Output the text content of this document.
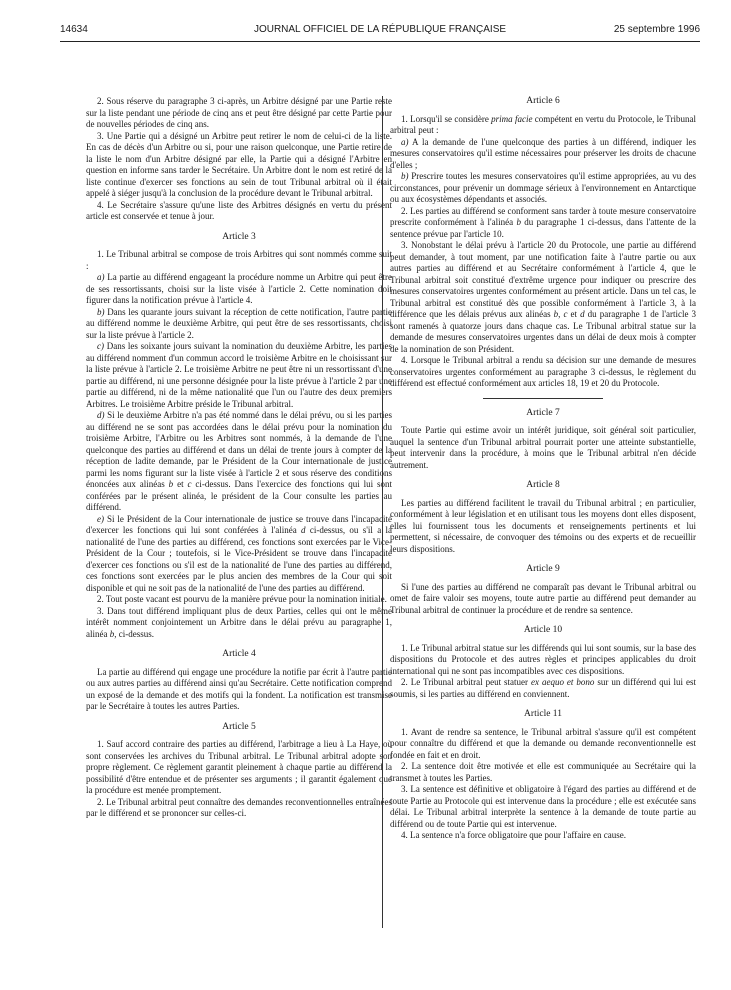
14634	JOURNAL OFFICIEL DE LA RÉPUBLIQUE FRANÇAISE	25 septembre 1996

2. Sous réserve du paragraphe 3 ci-après, un Arbitre désigné par une Partie reste sur la liste pendant une période de cinq ans et peut être désigné par cette Partie pour de nouvelles périodes de cinq ans.

3. Une Partie qui a désigné un Arbitre peut retirer le nom de celui-ci de la liste. En cas de décès d'un Arbitre ou si, pour une raison quelconque, une Partie retire de la liste le nom d'un Arbitre désigné par elle, la Partie qui a désigné l'Arbitre en question en informe sans tarder le Secrétaire. Un Arbitre dont le nom est retiré de la liste continue d'exercer ses fonctions au sein de tout Tribunal arbitral où il était appelé à siéger jusqu'à la conclusion de la procédure devant le Tribunal arbitral.

4. Le Secrétaire s'assure qu'une liste des Arbitres désignés en vertu du présent article est conservée et tenue à jour.

Article 3

1. Le Tribunal arbitral se compose de trois Arbitres qui sont nommés comme suit :

a) La partie au différend engageant la procédure nomme un Arbitre qui peut être de ses ressortissants, choisi sur la liste visée à l'article 2. Cette nomination doit figurer dans la notification prévue à l'article 4.

b) Dans les quarante jours suivant la réception de cette notification, l'autre partie au différend nomme le deuxième Arbitre, qui peut être de ses ressortissants, choisi sur la liste prévue à l'article 2.

c) Dans les soixante jours suivant la nomination du deuxième Arbitre, les parties au différend nomment d'un commun accord le troisième Arbitre en le choisissant sur la liste prévue à l'article 2. Le troisième Arbitre ne peut être ni un ressortissant d'une partie au différend, ni une personne désignée pour la liste prévue à l'article 2 par une partie au différend, ni de la même nationalité que l'un ou l'autre des deux premiers Arbitres. Le troisième Arbitre préside le Tribunal arbitral.

d) Si le deuxième Arbitre n'a pas été nommé dans le délai prévu, ou si les parties au différend ne se sont pas accordées dans le délai prévu pour la nomination du troisième Arbitre, l'Arbitre ou les Arbitres sont nommés, à la demande de l'une quelconque des parties au différend et dans un délai de trente jours à compter de la réception de ladite demande, par le Président de la Cour internationale de justice parmi les noms figurant sur la liste visée à l'article 2 et sous réserve des conditions énoncées aux alinéas b et c ci-dessus. Dans l'exercice des fonctions qui lui sont conférées par le présent alinéa, le président de la Cour consulte les parties au différend.

e) Si le Président de la Cour internationale de justice se trouve dans l'incapacité d'exercer les fonctions qui lui sont conférées à l'alinéa d ci-dessus, ou s'il a la nationalité de l'une des parties au différend, ces fonctions sont exercées par le Vice-Président de la Cour ; toutefois, si le Vice-Président se trouve dans l'incapacité d'exercer ces fonctions ou s'il est de la nationalité de l'une des parties au différend, ces fonctions sont exercées par le plus ancien des membres de la Cour qui soit disponible et qui ne soit pas de la nationalité de l'une des parties au différend.

2. Tout poste vacant est pourvu de la manière prévue pour la nomination initiale.

3. Dans tout différend impliquant plus de deux Parties, celles qui ont le même intérêt nomment conjointement un Arbitre dans le délai prévu au paragraphe 1, alinéa b, ci-dessus.

Article 4

La partie au différend qui engage une procédure la notifie par écrit à l'autre partie ou aux autres parties au différend ainsi qu'au Secrétaire. Cette notification comprend un exposé de la demande et des motifs qui la fondent. La notification est transmise par le Secrétaire à toutes les autres Parties.

Article 5

1. Sauf accord contraire des parties au différend, l'arbitrage a lieu à La Haye, où sont conservées les archives du Tribunal arbitral. Le Tribunal arbitral adopte son propre règlement. Ce règlement garantit pleinement à chaque partie au différend la possibilité d'être entendue et de présenter ses arguments ; il garantit également que la procédure est menée promptement.

2. Le Tribunal arbitral peut connaître des demandes reconventionnelles entraînées par le différend et se prononcer sur celles-ci.

Article 6

1. Lorsqu'il se considère prima facie compétent en vertu du Protocole, le Tribunal arbitral peut :

a) A la demande de l'une quelconque des parties à un différend, indiquer les mesures conservatoires qu'il estime nécessaires pour préserver les droits de chacune d'elles ;

b) Prescrire toutes les mesures conservatoires qu'il estime appropriées, au vu des circonstances, pour prévenir un dommage sérieux à l'environnement en Antarctique ou aux écosystèmes dépendants et associés.

2. Les parties au différend se conforment sans tarder à toute mesure conservatoire prescrite conformément à l'alinéa b du paragraphe 1 ci-dessus, dans l'attente de la sentence prévue par l'article 10.

3. Nonobstant le délai prévu à l'article 20 du Protocole, une partie au différend peut demander, à tout moment, par une notification faite à l'autre partie ou aux autres parties au différend et au Secrétaire conformément à l'article 4, que le Tribunal arbitral soit constitué d'extrême urgence pour indiquer ou prescrire des mesures conservatoires urgentes conformément au présent article. Dans un tel cas, le Tribunal arbitral est constitué dès que possible conformément à l'article 3, à la différence que les délais prévus aux alinéas b, c et d du paragraphe 1 de l'article 3 sont ramenés à quatorze jours dans chaque cas. Le Tribunal arbitral statue sur la demande de mesures conservatoires urgentes dans un délai de deux mois à compter de la nomination de son Président.

4. Lorsque le Tribunal arbitral a rendu sa décision sur une demande de mesures conservatoires urgentes conformément au paragraphe 3 ci-dessus, le règlement du différend est effectué conformément aux articles 18, 19 et 20 du Protocole.

Article 7

Toute Partie qui estime avoir un intérêt juridique, soit général soit particulier, auquel la sentence d'un Tribunal arbitral pourrait porter une atteinte substantielle, peut intervenir dans la procédure, à moins que le Tribunal arbitral n'en décide autrement.

Article 8

Les parties au différend facilitent le travail du Tribunal arbitral ; en particulier, conformément à leur législation et en utilisant tous les moyens dont elles disposent, elles lui fournissent tous les documents et renseignements pertinents et lui permettent, si nécessaire, de convoquer des témoins ou des experts et de recueillir leurs dispositions.

Article 9

Si l'une des parties au différend ne comparaît pas devant le Tribunal arbitral ou omet de faire valoir ses moyens, toute autre partie au différend peut demander au Tribunal arbitral de continuer la procédure et de rendre sa sentence.

Article 10

1. Le Tribunal arbitral statue sur les différends qui lui sont soumis, sur la base des dispositions du Protocole et des autres règles et principes applicables du droit international qui ne sont pas incompatibles avec ces dispositions.

2. Le Tribunal arbitral peut statuer ex aequo et bono sur un différend qui lui est soumis, si les parties au différend en conviennent.

Article 11

1. Avant de rendre sa sentence, le Tribunal arbitral s'assure qu'il est compétent pour connaître du différend et que la demande ou demande reconventionnelle est fondée en fait et en droit.

2. La sentence doit être motivée et elle est communiquée au Secrétaire qui la transmet à toutes les Parties.

3. La sentence est définitive et obligatoire à l'égard des parties au différend et de toute Partie au Protocole qui est intervenue dans la procédure ; elle est exécutée sans délai. Le Tribunal arbitral interprète la sentence à la demande de toute partie au différend ou de toute Partie qui est intervenue.

4. La sentence n'a force obligatoire que pour l'affaire en cause.
